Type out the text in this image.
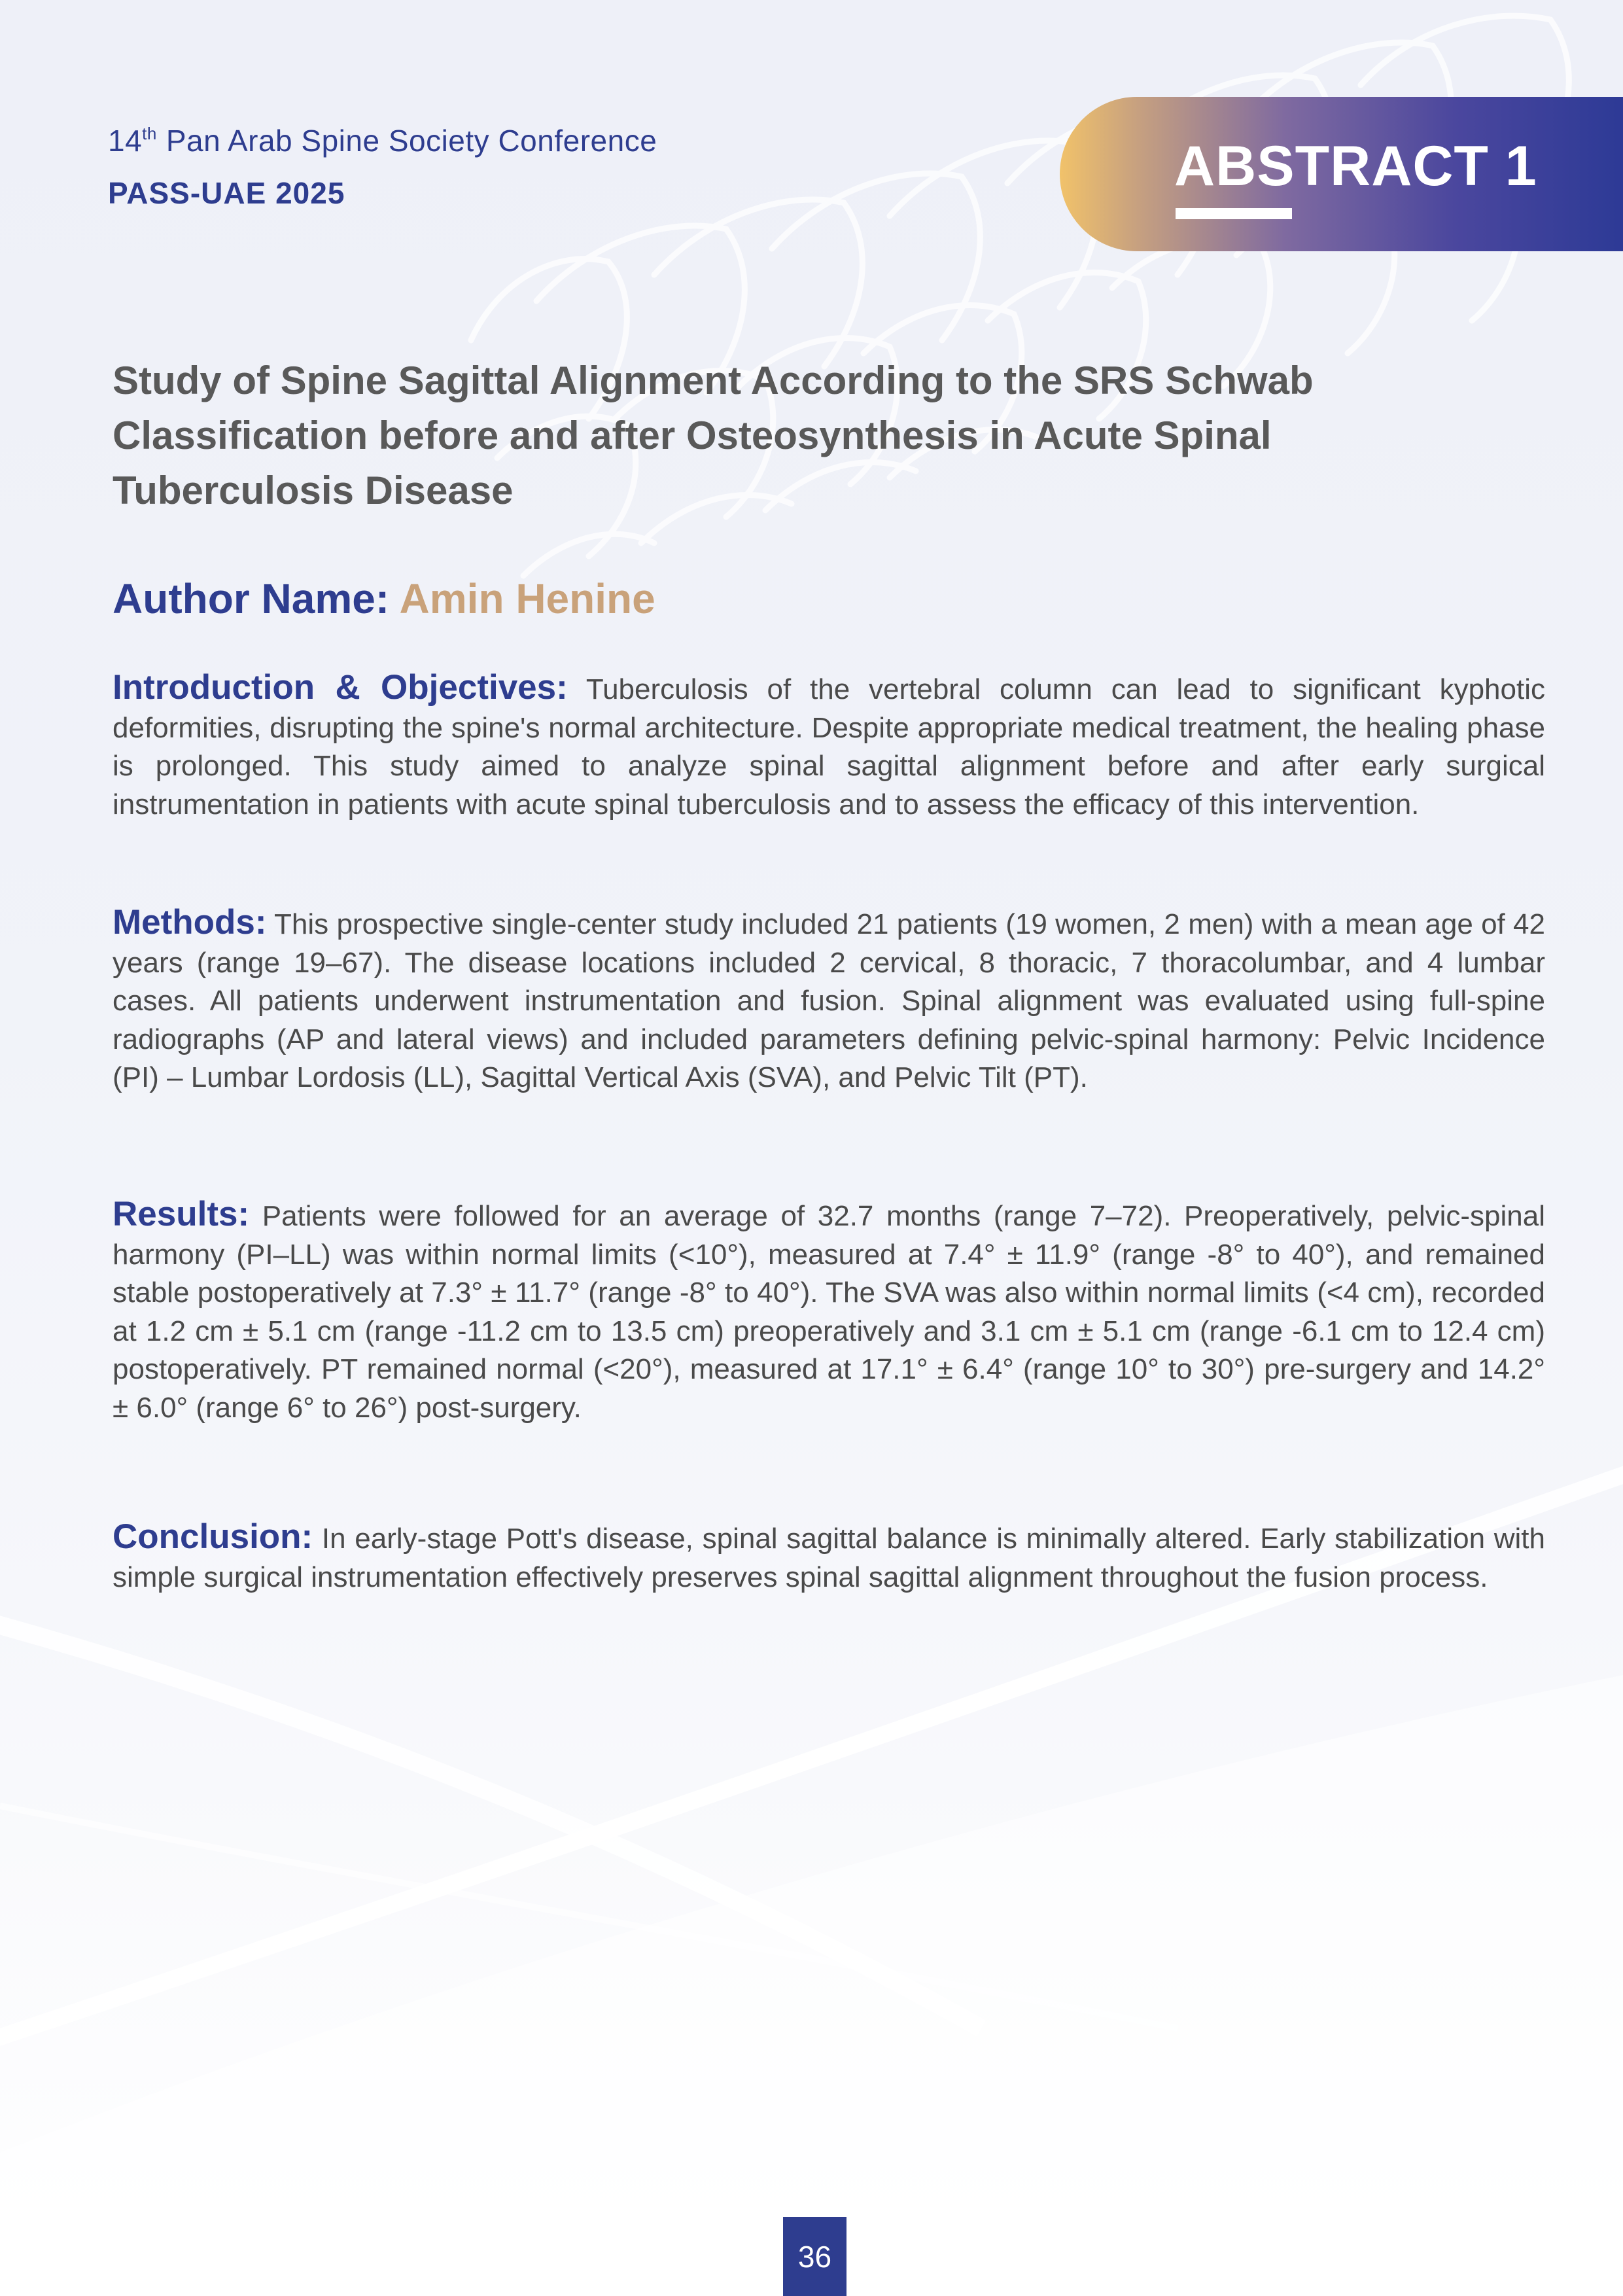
14th Pan Arab Spine Society Conference
PASS-UAE 2025	ABSTRACT 1
Study of Spine Sagittal Alignment According to the SRS Schwab Classification before and after Osteosynthesis in Acute Spinal Tuberculosis Disease
Author Name: Amin Henine
Introduction & Objectives: Tuberculosis of the vertebral column can lead to significant kyphotic deformities, disrupting the spine's normal architecture. Despite appropriate medical treatment, the healing phase is prolonged. This study aimed to analyze spinal sagittal alignment before and after early surgical instrumentation in patients with acute spinal tuberculosis and to assess the efficacy of this intervention.
Methods: This prospective single-center study included 21 patients (19 women, 2 men) with a mean age of 42 years (range 19–67). The disease locations included 2 cervical, 8 thoracic, 7 thoracolumbar, and 4 lumbar cases. All patients underwent instrumentation and fusion. Spinal alignment was evaluated using full-spine radiographs (AP and lateral views) and included parameters defining pelvic-spinal harmony: Pelvic Incidence (PI) – Lumbar Lordosis (LL), Sagittal Vertical Axis (SVA), and Pelvic Tilt (PT).
Results: Patients were followed for an average of 32.7 months (range 7–72). Preoperatively, pelvic-spinal harmony (PI–LL) was within normal limits (<10°), measured at 7.4° ± 11.9° (range -8° to 40°), and remained stable postoperatively at 7.3° ± 11.7° (range -8° to 40°). The SVA was also within normal limits (<4 cm), recorded at 1.2 cm ± 5.1 cm (range -11.2 cm to 13.5 cm) preoperatively and 3.1 cm ± 5.1 cm (range -6.1 cm to 12.4 cm) postoperatively. PT remained normal (<20°), measured at 17.1° ± 6.4° (range 10° to 30°) pre-surgery and 14.2° ± 6.0° (range 6° to 26°) post-surgery.
Conclusion: In early-stage Pott's disease, spinal sagittal balance is minimally altered. Early stabilization with simple surgical instrumentation effectively preserves spinal sagittal alignment throughout the fusion process.
36
